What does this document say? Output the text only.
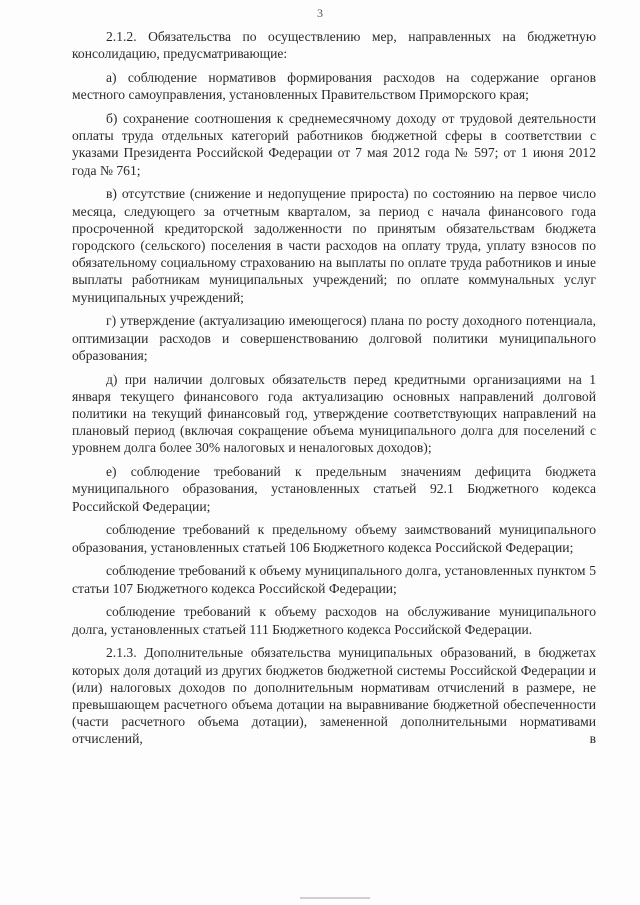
3

2.1.2. Обязательства по осуществлению мер, направленных на бюджетную консолидацию, предусматривающие:

а) соблюдение нормативов формирования расходов на содержание органов местного самоуправления, установленных Правительством Приморского края;

б) сохранение соотношения к среднемесячному доходу от трудовой деятельности оплаты труда отдельных категорий работников бюджетной сферы в соответствии с указами Президента Российской Федерации от 7 мая 2012 года № 597; от 1 июня 2012 года № 761;

в) отсутствие (снижение и недопущение прироста) по состоянию на первое число месяца, следующего за отчетным кварталом, за период с начала финансового года просроченной кредиторской задолженности по принятым обязательствам бюджета городского (сельского) поселения в части расходов на оплату труда, уплату взносов по обязательному социальному страхованию на выплаты по оплате труда работников и иные выплаты работникам муниципальных учреждений; по оплате коммунальных услуг муниципальных учреждений;

г) утверждение (актуализацию имеющегося) плана по росту доходного потенциала, оптимизации расходов и совершенствованию долговой политики муниципального образования;

д) при наличии долговых обязательств перед кредитными организациями на 1 января текущего финансового года актуализацию основных направлений долговой политики на текущий финансовый год, утверждение соответствующих направлений на плановый период (включая сокращение объема муниципального долга для поселений с уровнем долга более 30% налоговых и неналоговых доходов);

е) соблюдение требований к предельным значениям дефицита бюджета муниципального образования, установленных статьей 92.1 Бюджетного кодекса Российской Федерации;

соблюдение требований к предельному объему заимствований муниципального образования, установленных статьей 106 Бюджетного кодекса Российской Федерации;

соблюдение требований к объему муниципального долга, установленных пунктом 5 статьи 107 Бюджетного кодекса Российской Федерации;

соблюдение требований к объему расходов на обслуживание муниципального долга, установленных статьей 111 Бюджетного кодекса Российской Федерации.

2.1.3. Дополнительные обязательства муниципальных образований, в бюджетах которых доля дотаций из других бюджетов бюджетной системы Российской Федерации и (или) налоговых доходов по дополнительным нормативам отчислений в размере, не превышающем расчетного объема дотации на выравнивание бюджетной обеспеченности (части расчетного объема дотации), замененной дополнительными нормативами отчислений, в
